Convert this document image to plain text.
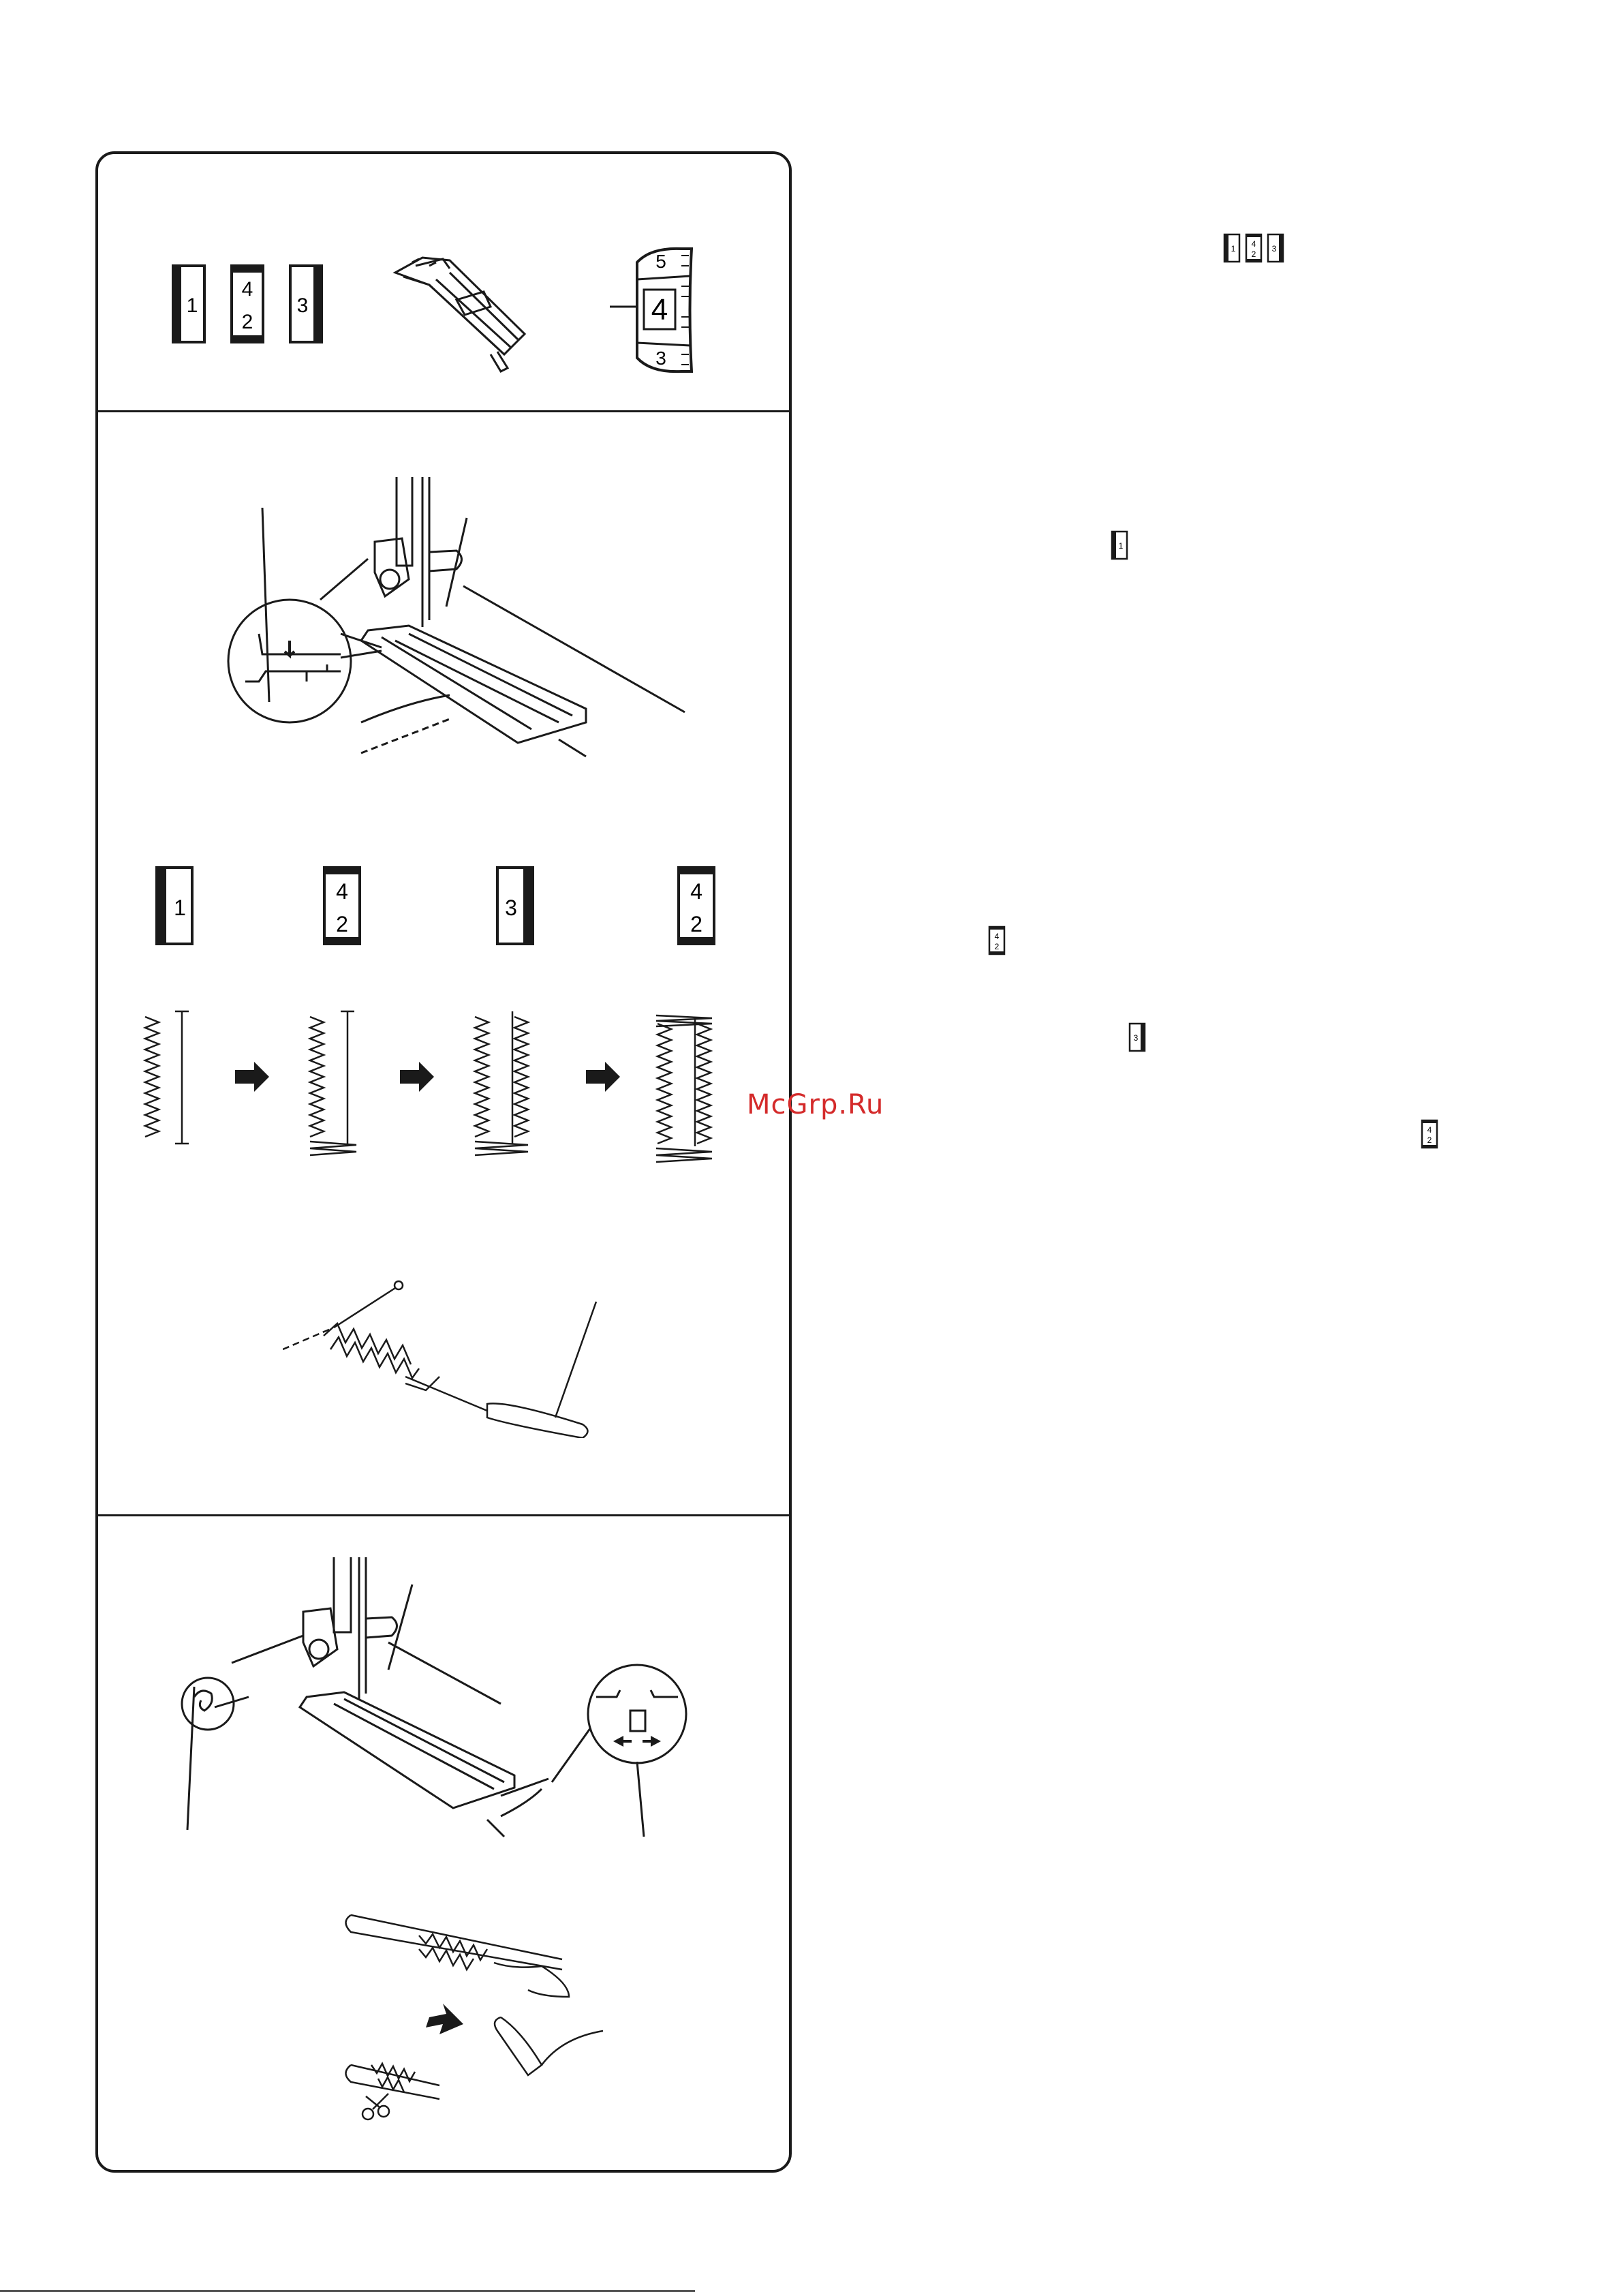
1
4
2
3
5
4
3
1
4
2
3
4
2
1 4
2
3
1
4
2
3
4
2
McGrp.Ru
